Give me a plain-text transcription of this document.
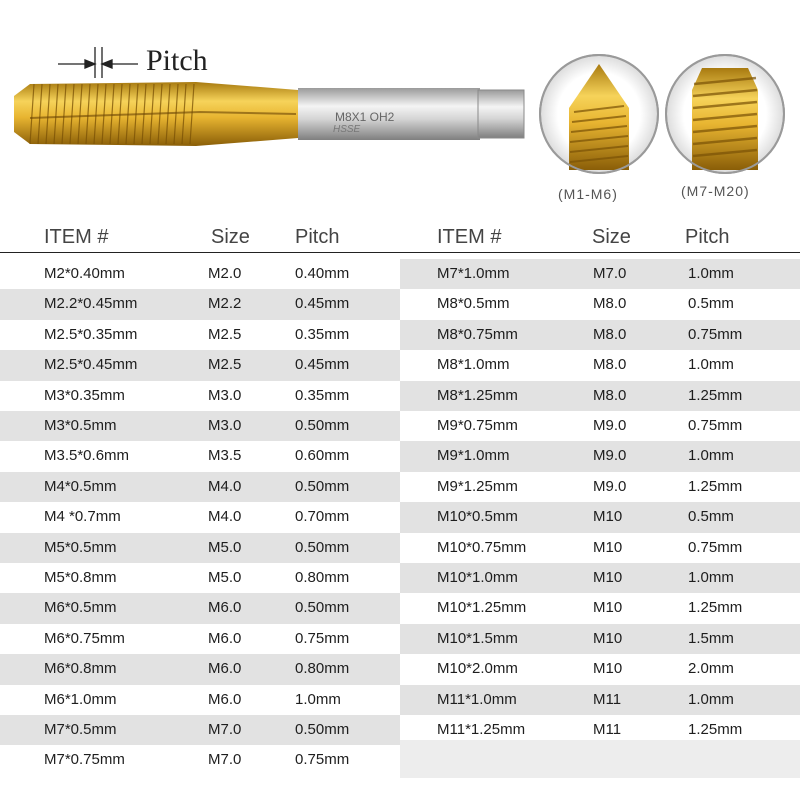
M8X1 OH2
HSSE
Pitch
(M1-M6)	(M7-M20)
ITEM #	Size Pitch	ITEM #	Size	Pitch
M2*0.40mm	M2.0	0.40mm
M2.2*0.45mm	M2.2	0.45mm
M2.5*0.35mm	M2.5	0.35mm
M2.5*0.45mm	M2.5	0.45mm
M3*0.35mm	M3.0	0.35mm
M3*0.5mm	M3.0	0.50mm
M3.5*0.6mm	M3.5	0.60mm
M4*0.5mm	M4.0	0.50mm
M4 *0.7mm	M4.0	0.70mm
M5*0.5mm	M5.0	0.50mm
M5*0.8mm	M5.0	0.80mm
M6*0.5mm	M6.0	0.50mm
M6*0.75mm	M6.0	0.75mm
M6*0.8mm	M6.0	0.80mm
M6*1.0mm	M6.0	1.0mm
M7*0.5mm	M7.0	0.50mm
M7*0.75mm	M7.0	0.75mm
M7*1.0mm	M7.0	1.0mm
M8*0.5mm	M8.0	0.5mm
M8*0.75mm	M8.0	0.75mm
M8*1.0mm	M8.0	1.0mm
M8*1.25mm	M8.0	1.25mm
M9*0.75mm	M9.0	0.75mm
M9*1.0mm	M9.0	1.0mm
M9*1.25mm	M9.0	1.25mm
M10*0.5mm	M10	0.5mm
M10*0.75mm	M10	0.75mm
M10*1.0mm	M10	1.0mm
M10*1.25mm	M10	1.25mm
M10*1.5mm	M10	1.5mm
M10*2.0mm	M10	2.0mm
M11*1.0mm	M11	1.0mm
M11*1.25mm	M11	1.25mm
